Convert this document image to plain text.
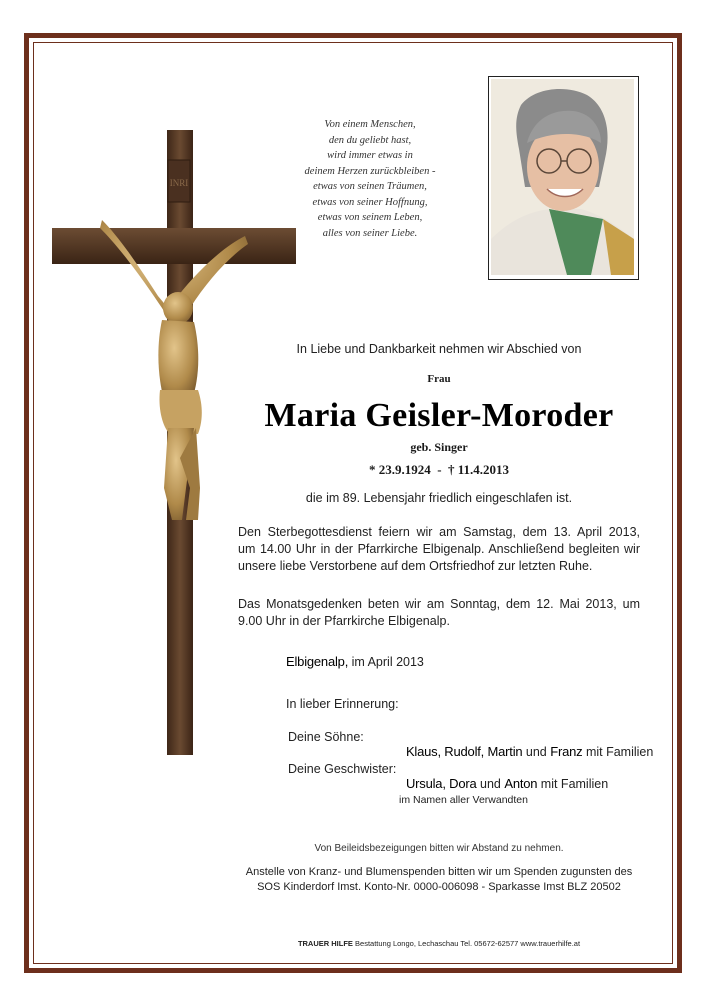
INRI
Von einem Menschen,
den du geliebt hast,
wird immer etwas in
deinem Herzen zurückbleiben -
etwas von seinen Träumen,
etwas von seiner Hoffnung,
etwas von seinem Leben,
alles von seiner Liebe.
In Liebe und Dankbarkeit nehmen wir Abschied von
Frau
Maria Geisler-Moroder
geb. Singer
* 23.9.1924  -  † 11.4.2013
die im 89. Lebensjahr friedlich eingeschlafen ist.
Den Sterbegottesdienst feiern wir am Samstag, dem 13. April 2013,
um 14.00 Uhr in der Pfarrkirche Elbigenalp. Anschließend begleiten wir
unsere liebe Verstorbene auf dem Ortsfriedhof zur letzten Ruhe.
Das Monatsgedenken beten wir am Sonntag, dem 12. Mai 2013, um
9.00 Uhr in der Pfarrkirche Elbigenalp.
Elbigenalp, im April 2013
In lieber Erinnerung:
Deine Söhne:

Klaus, Rudolf, Martin und Franz mit Familien

Deine Geschwister:

Ursula, Dora und Anton mit Familien

im Namen aller Verwandten
Von Beileidsbezeigungen bitten wir Abstand zu nehmen.
Anstelle von Kranz- und Blumenspenden bitten wir um Spenden zugunsten des
SOS Kinderdorf Imst. Konto-Nr. 0000-006098 - Sparkasse Imst BLZ 20502
TRAUER HILFE Bestattung Longo, Lechaschau Tel. 05672-62577 www.trauerhilfe.at
